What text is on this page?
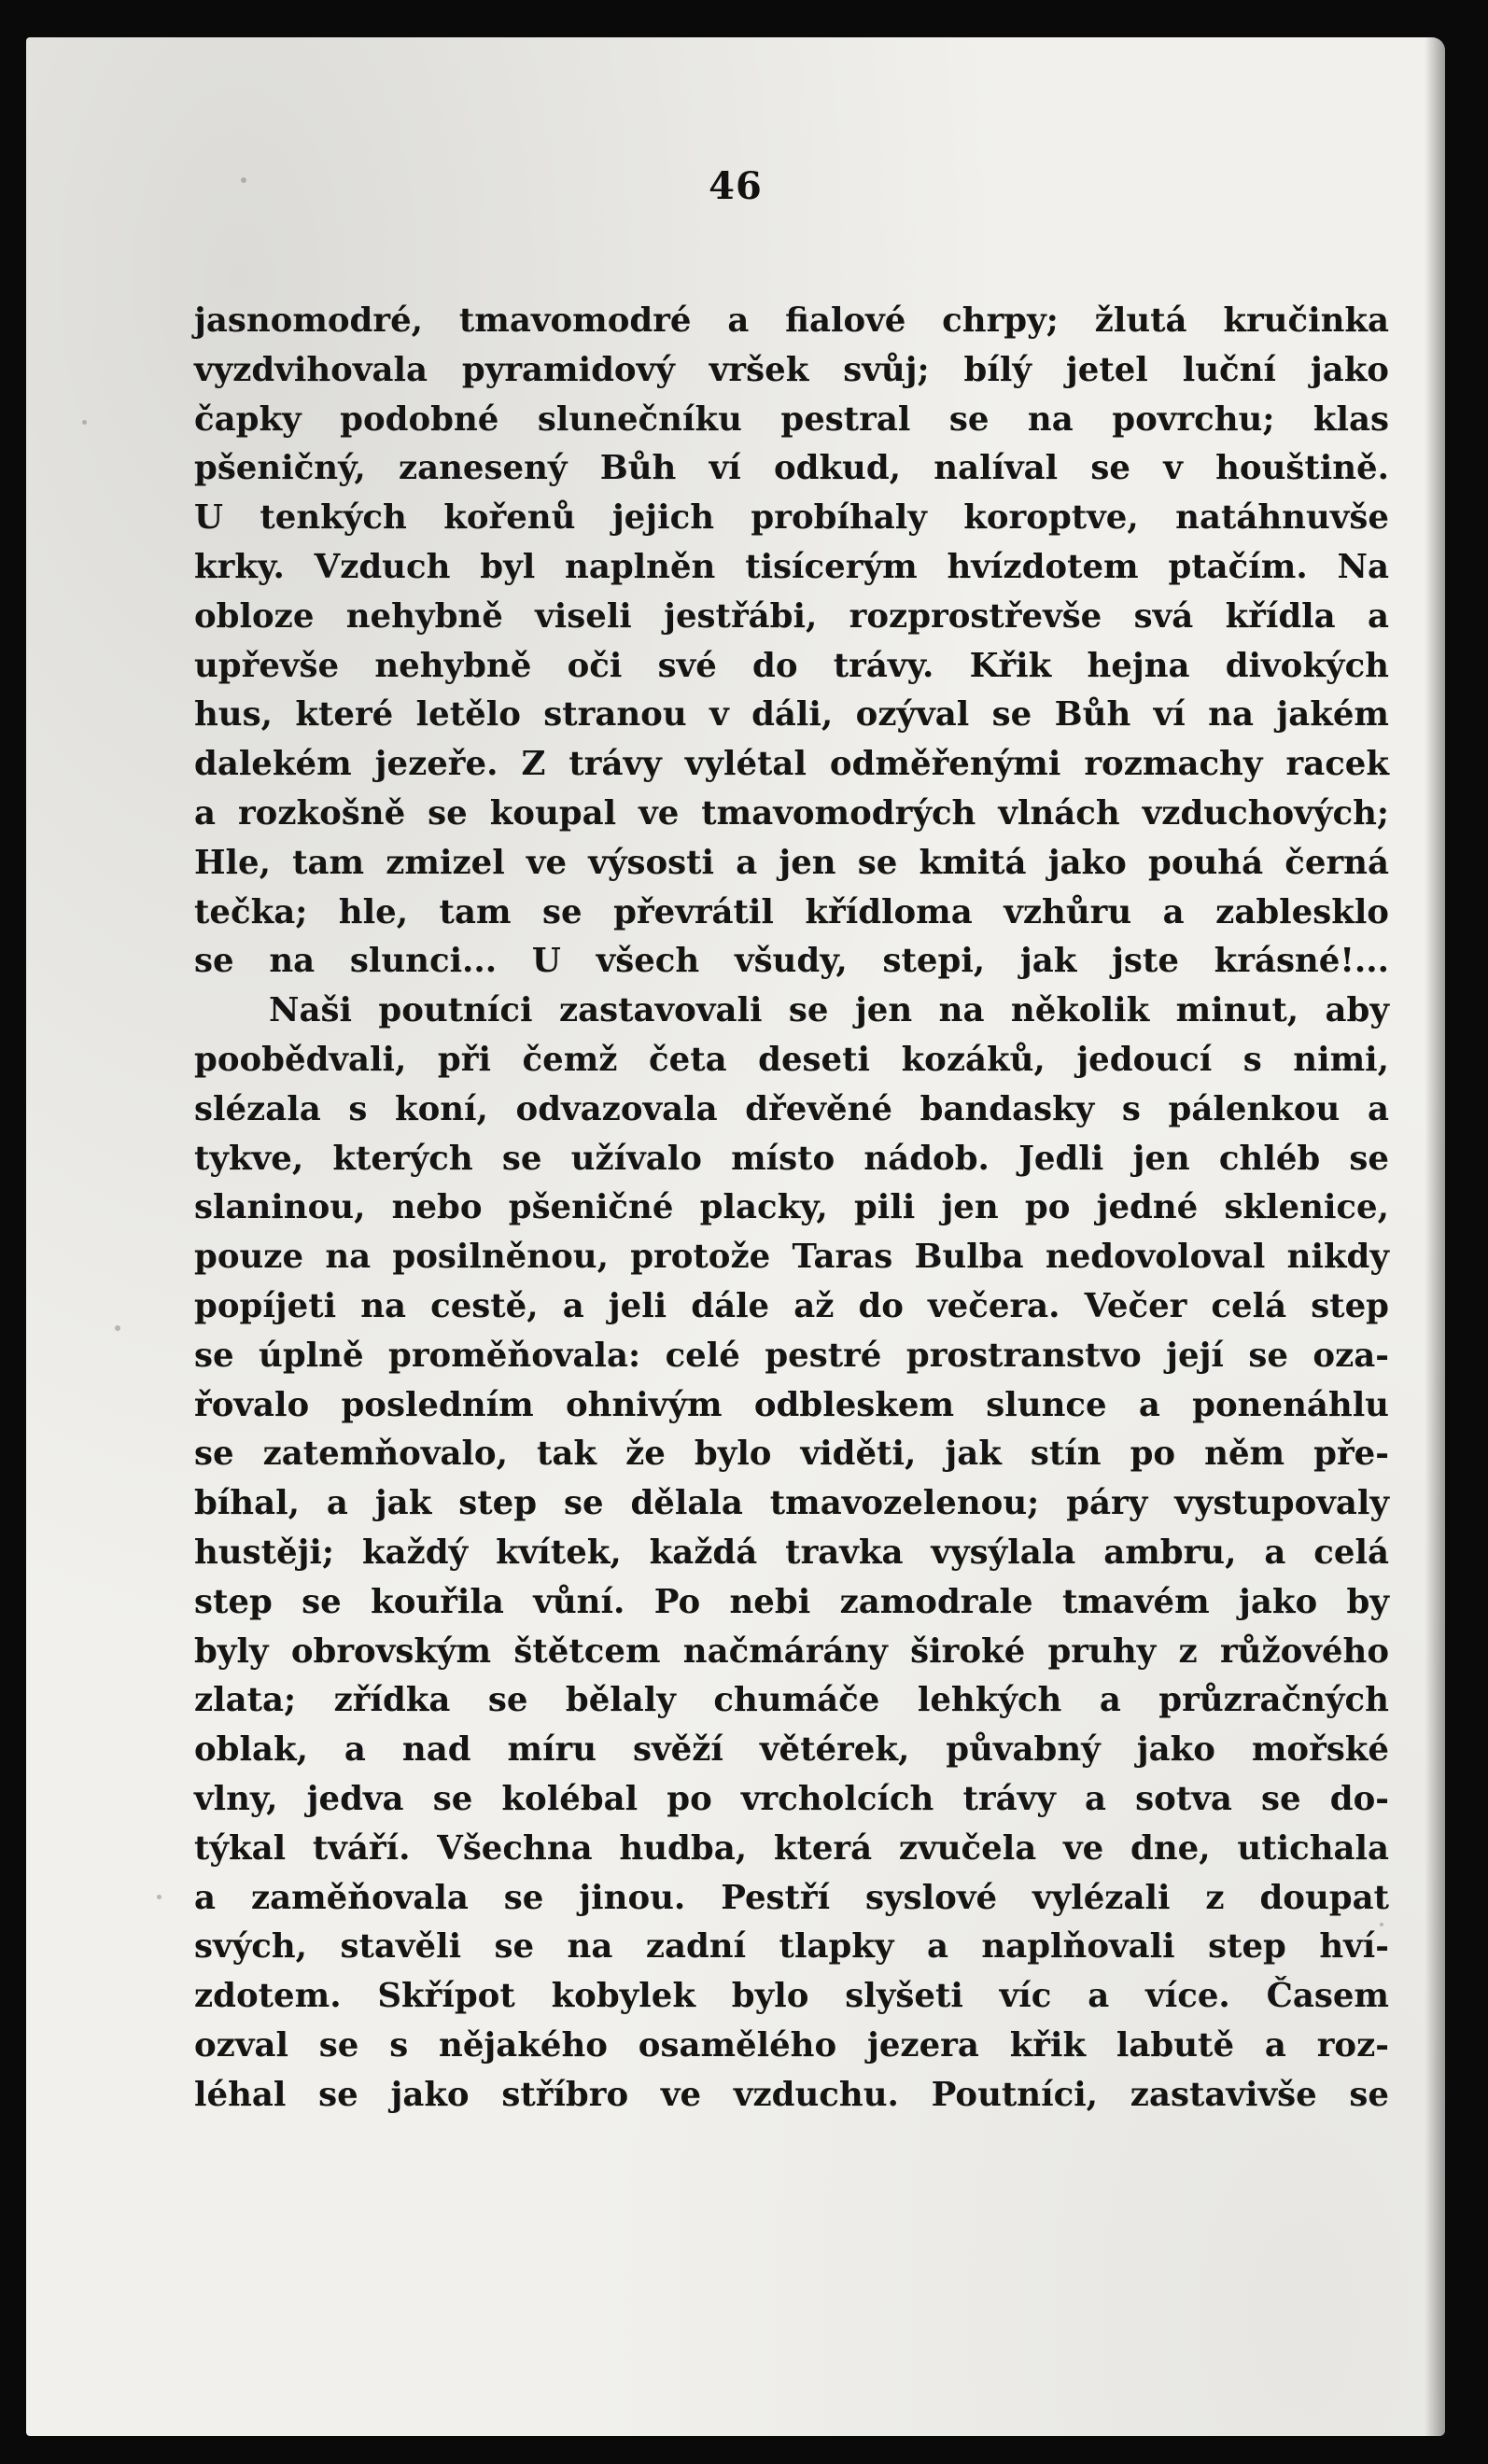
46
jasnomodré, tmavomodré a fialové chrpy; žlutá kručinka
vyzdvihovala pyramidový vršek svůj; bílý jetel luční jako
čapky podobné slunečníku pestral se na povrchu; klas
pšeničný, zanesený Bůh ví odkud, nalíval se v houštině.
U tenkých kořenů jejich probíhaly koroptve, natáhnuvše
krky. Vzduch byl naplněn tisícerým hvízdotem ptačím. Na
obloze nehybně viseli jestřábi, rozprostřevše svá křídla a
upřevše nehybně oči své do trávy. Křik hejna divokých
hus, které letělo stranou v dáli, ozýval se Bůh ví na jakém
dalekém jezeře. Z trávy vylétal odměřenými rozmachy racek
a rozkošně se koupal ve tmavomodrých vlnách vzduchových;
Hle, tam zmizel ve výsosti a jen se kmitá jako pouhá černá
tečka; hle, tam se převrátil křídloma vzhůru a zablesklo
se na slunci... U všech všudy, stepi, jak jste krásné!...
Naši poutníci zastavovali se jen na několik minut, aby
poobědvali, při čemž četa deseti kozáků, jedoucí s nimi,
slézala s koní, odvazovala dřevěné bandasky s pálenkou a
tykve, kterých se užívalo místo nádob. Jedli jen chléb se
slaninou, nebo pšeničné placky, pili jen po jedné sklenice,
pouze na posilněnou, protože Taras Bulba nedovoloval nikdy
popíjeti na cestě, a jeli dále až do večera. Večer celá step
se úplně proměňovala: celé pestré prostranstvo její se oza-
řovalo posledním ohnivým odbleskem slunce a ponenáhlu
se zatemňovalo, tak že bylo viděti, jak stín po něm pře-
bíhal, a jak step se dělala tmavozelenou; páry vystupovaly
hustěji; každý kvítek, každá travka vysýlala ambru, a celá
step se kouřila vůní. Po nebi zamodrale tmavém jako by
byly obrovským štětcem načmárány široké pruhy z růžového
zlata; zřídka se bělaly chumáče lehkých a průzračných
oblak, a nad míru svěží větérek, půvabný jako mořské
vlny, jedva se kolébal po vrcholcích trávy a sotva se do-
týkal tváří. Všechna hudba, která zvučela ve dne, utichala
a zaměňovala se jinou. Pestří syslové vylézali z doupat
svých, stavěli se na zadní tlapky a naplňovali step hví-
zdotem. Skřípot kobylek bylo slyšeti víc a více. Časem
ozval se s nějakého osamělého jezera křik labutě a roz-
léhal se jako stříbro ve vzduchu. Poutníci, zastavivše se
